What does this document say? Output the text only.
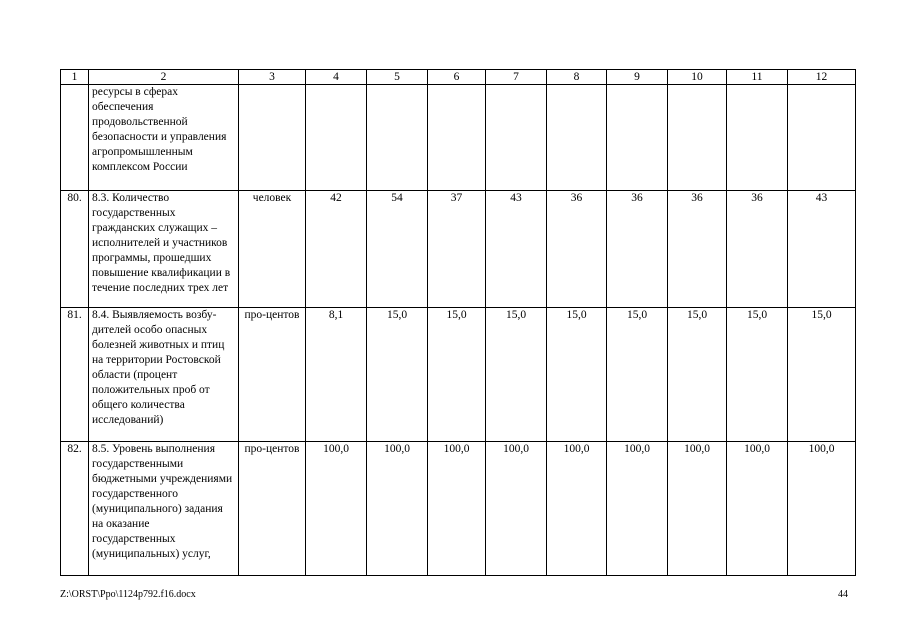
1	2	3	4	5	6	7	8	9	10	11	12
	ресурсы в сферах обеспечения продовольственной безопасности и управления агропромышленным комплексом России										
80.	8.3. Количество государственных гражданских служащих – исполнителей и участников программы, прошедших повышение квалификации в течение последних трех лет	человек	42	54	37	43	36	36	36	36	43
81.	8.4. Выявляемость возбу-дителей особо опасных болезней животных и птиц на территории Ростовской области (процент положительных проб от общего количества исследований)	про-центов	8,1	15,0	15,0	15,0	15,0	15,0	15,0	15,0	15,0
82.	8.5. Уровень выполнения государственными бюджетными учреждениями государственного (муниципального) задания на оказание государственных (муниципальных) услуг,	про-центов	100,0	100,0	100,0	100,0	100,0	100,0	100,0	100,0	100,0
Z:\ORST\Ppo\1124p792.f16.docx	44
